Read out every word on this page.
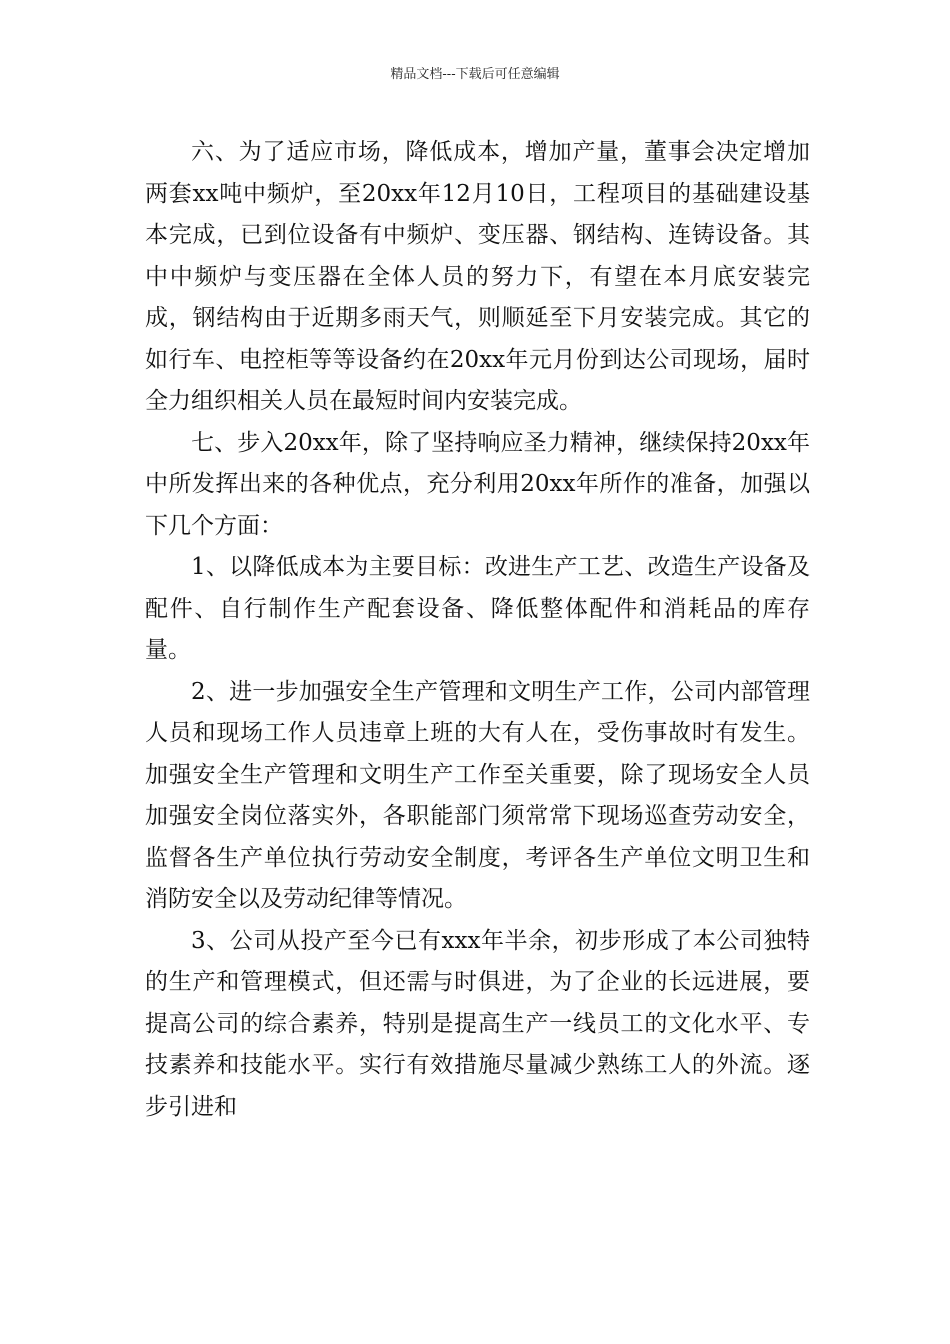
精品文档---下载后可任意编辑

六、为了适应市场，降低成本，增加产量，董事会决定增加两套xx吨中频炉，至20xx年12月10日，工程项目的基础建设基本完成，已到位设备有中频炉、变压器、钢结构、连铸设备。其中中频炉与变压器在全体人员的努力下，有望在本月底安装完成，钢结构由于近期多雨天气，则顺延至下月安装完成。其它的如行车、电控柜等等设备约在20xx年元月份到达公司现场，届时全力组织相关人员在最短时间内安装完成。

七、步入20xx年，除了坚持响应圣力精神，继续保持20xx年中所发挥出来的各种优点，充分利用20xx年所作的准备，加强以下几个方面：

1、以降低成本为主要目标：改进生产工艺、改造生产设备及配件、自行制作生产配套设备、降低整体配件和消耗品的库存量。

2、进一步加强安全生产管理和文明生产工作，公司内部管理人员和现场工作人员违章上班的大有人在，受伤事故时有发生。加强安全生产管理和文明生产工作至关重要，除了现场安全人员加强安全岗位落实外，各职能部门须常常下现场巡查劳动安全，监督各生产单位执行劳动安全制度，考评各生产单位文明卫生和消防安全以及劳动纪律等情况。

3、公司从投产至今已有xxx年半余，初步形成了本公司独特的生产和管理模式，但还需与时俱进，为了企业的长远进展，要提高公司的综合素养，特别是提高生产一线员工的文化水平、专技素养和技能水平。实行有效措施尽量减少熟练工人的外流。逐步引进和
